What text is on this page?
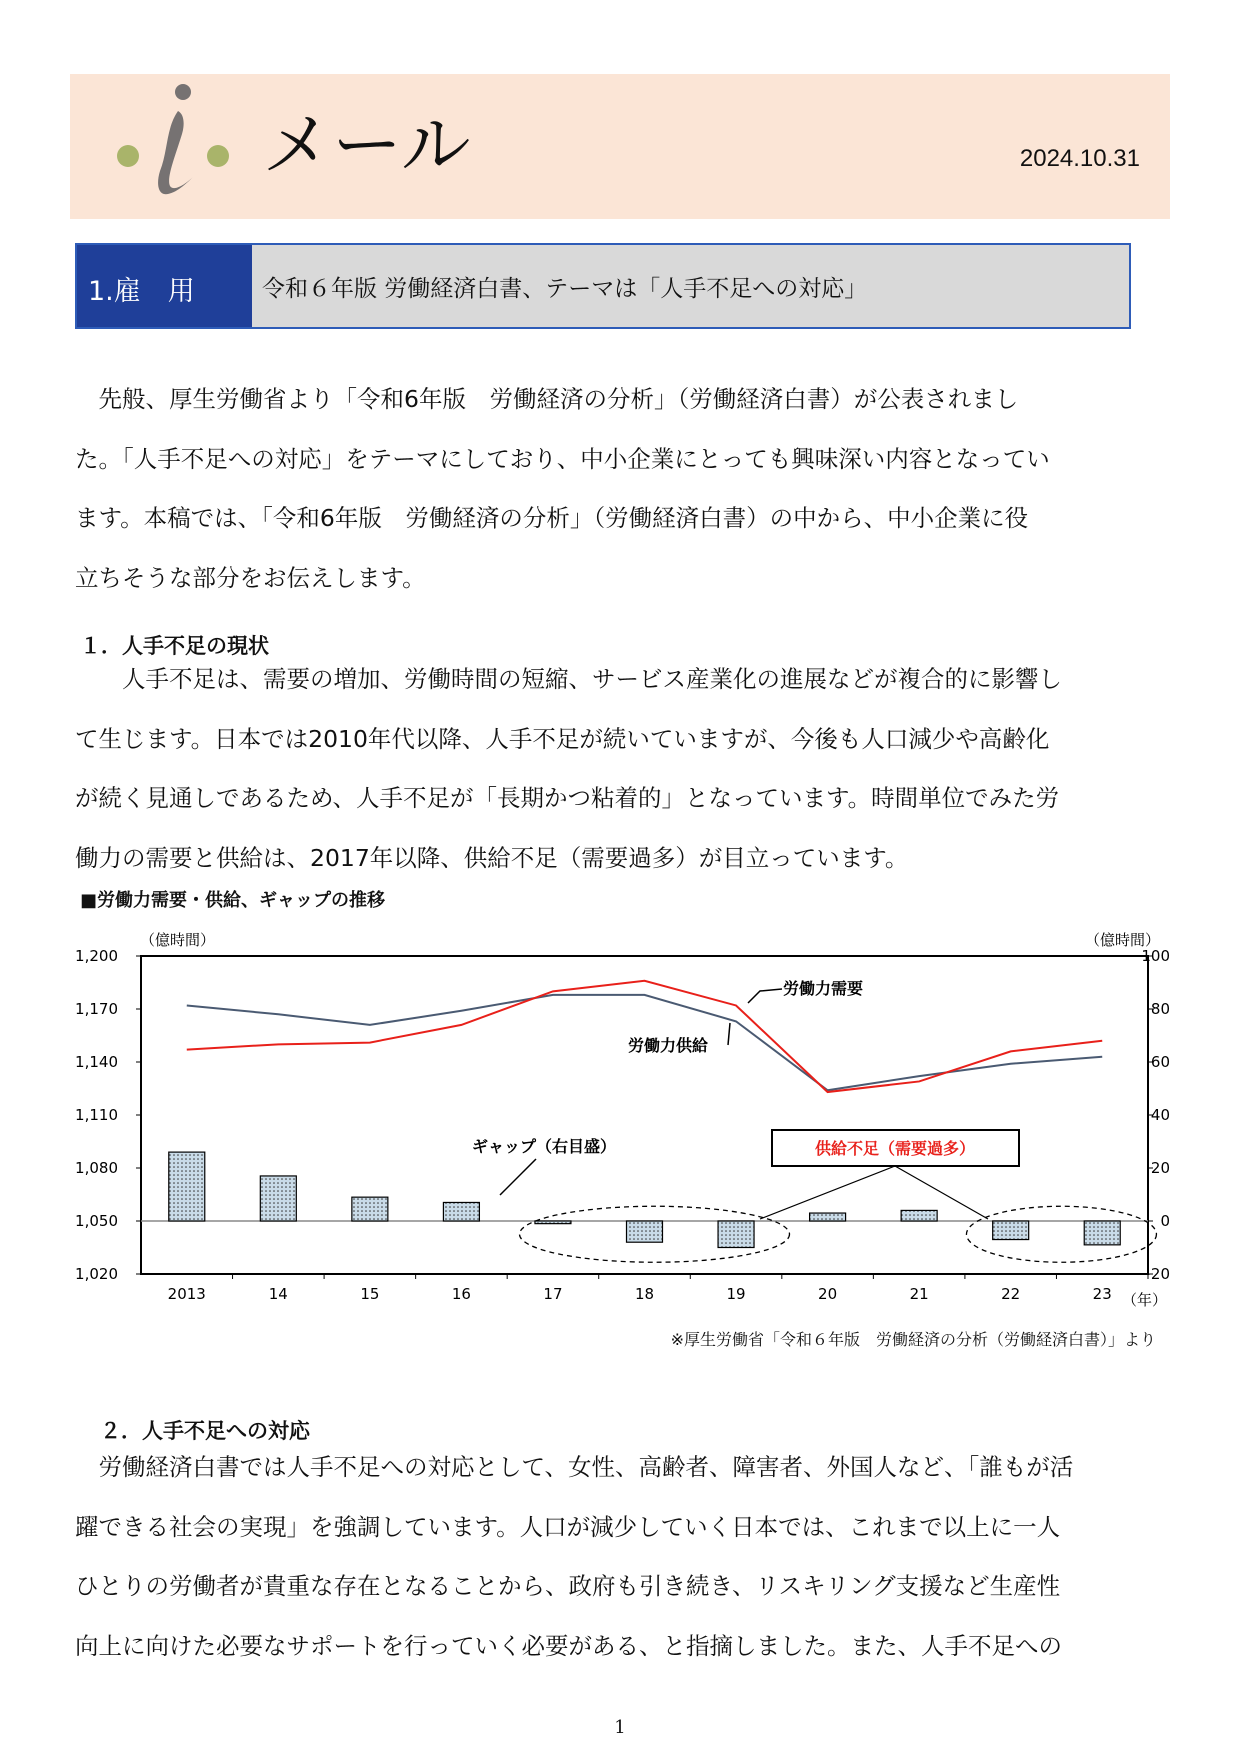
メール	2024.10.31
1.雇　用	令和６年版 労働経済白書、テーマは「人手不足への対応」

　先般、厚生労働省より「令和6年版　労働経済の分析」（労働経済白書）が公表されまし

た。「人手不足への対応」をテーマにしており、中小企業にとっても興味深い内容となってい

ます。本稿では、「令和6年版　労働経済の分析」（労働経済白書）の中から、中小企業に役

立ちそうな部分をお伝えします。

１．人手不足の現状

　　人手不足は、需要の増加、労働時間の短縮、サービス産業化の進展などが複合的に影響し

て生じます。日本では2010年代以降、人手不足が続いていますが、今後も人口減少や高齢化

が続く見通しであるため、人手不足が「長期かつ粘着的」となっています。時間単位でみた労

働力の需要と供給は、2017年以降、供給不足（需要過多）が目立っています。

■労働力需要・供給、ギャップの推移
1,200
1,170
1,140
1,110
1,080
1,050
1,020
100
80
60
40
20
0
−20
2013	14	15	16	17	18	19	20	21	22	23
（億時間）	（億時間）
（年）
労働力需要
労働力供給
ギャップ（右目盛）	供給不足（需要過多）
※厚生労働省「令和６年版　労働経済の分析（労働経済白書）」より
２．人手不足への対応

　労働経済白書では人手不足への対応として、女性、高齢者、障害者、外国人など、「誰もが活

躍できる社会の実現」を強調しています。人口が減少していく日本では、これまで以上に一人

ひとりの労働者が貴重な存在となることから、政府も引き続き、リスキリング支援など生産性

向上に向けた必要なサポートを行っていく必要がある、と指摘しました。また、人手不足への

1
